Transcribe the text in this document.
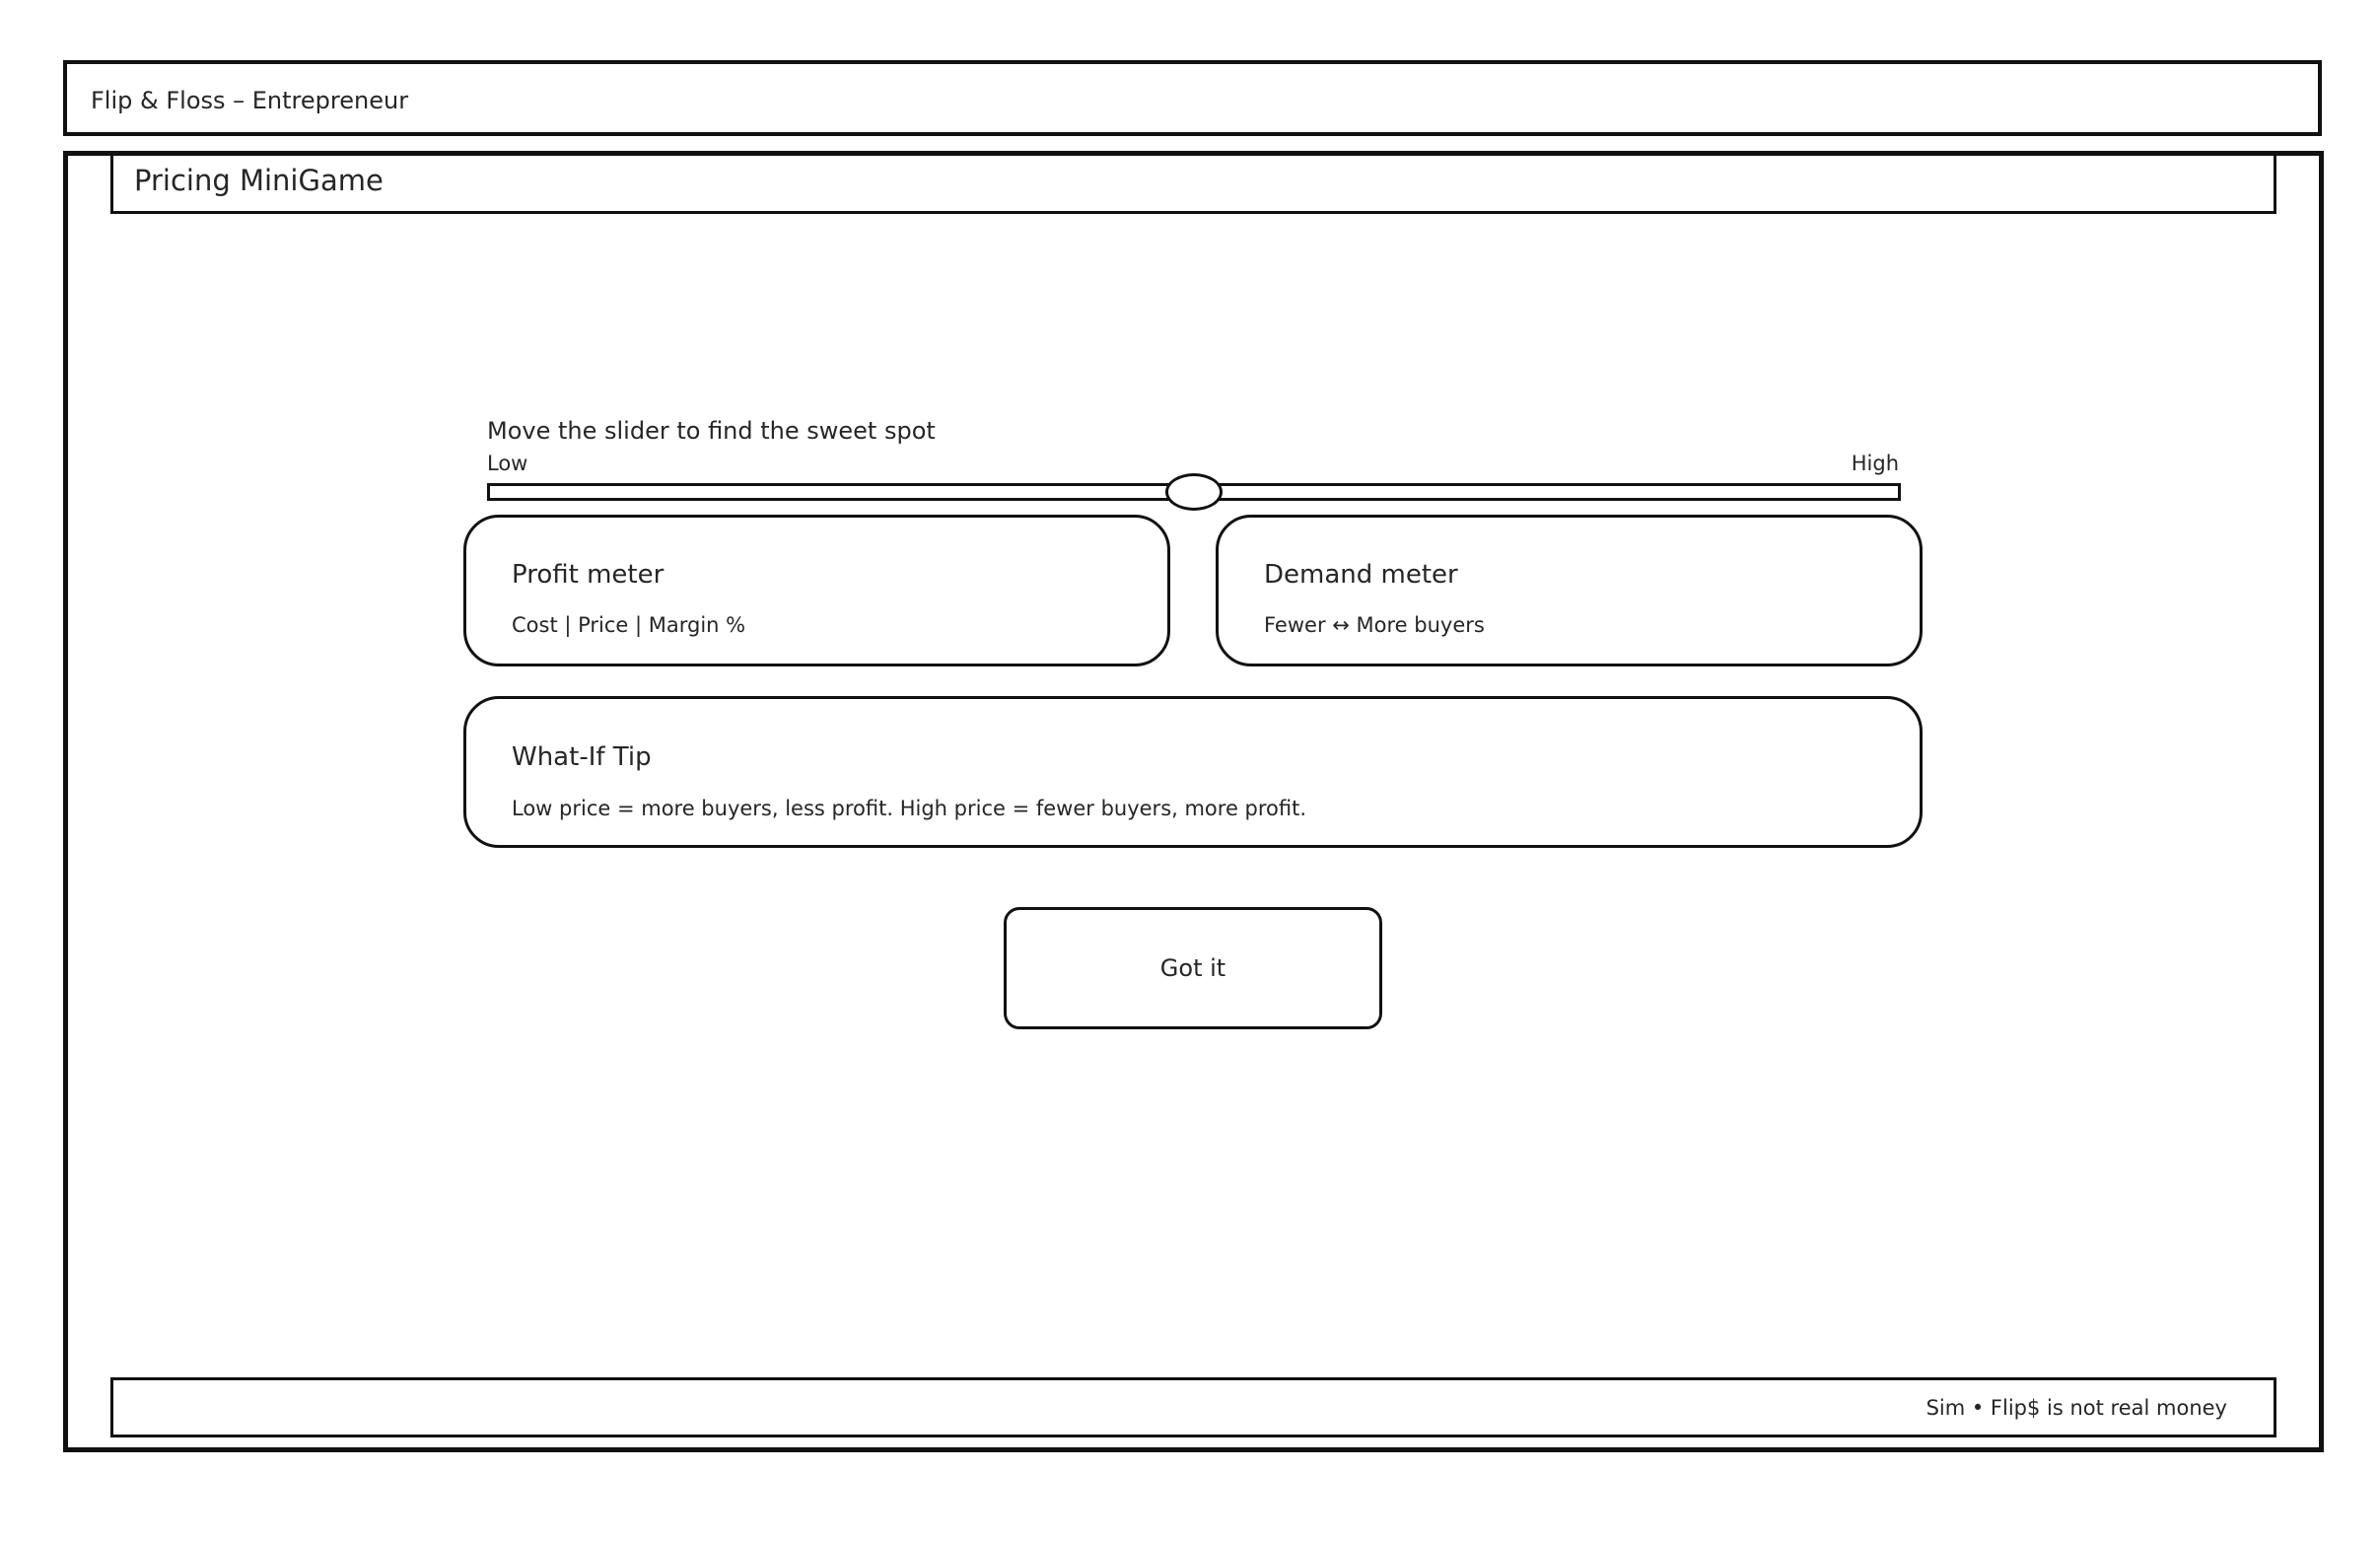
Flip & Floss – Entrepreneur
Pricing MiniGame
Move the slider to find the sweet spot
Low	High
Profit meter
Cost | Price | Margin %
Demand meter
Fewer ↔ More buyers
What-If Tip
Low price = more buyers, less profit. High price = fewer buyers, more profit.
Got it
Sim • Flip$ is not real money
